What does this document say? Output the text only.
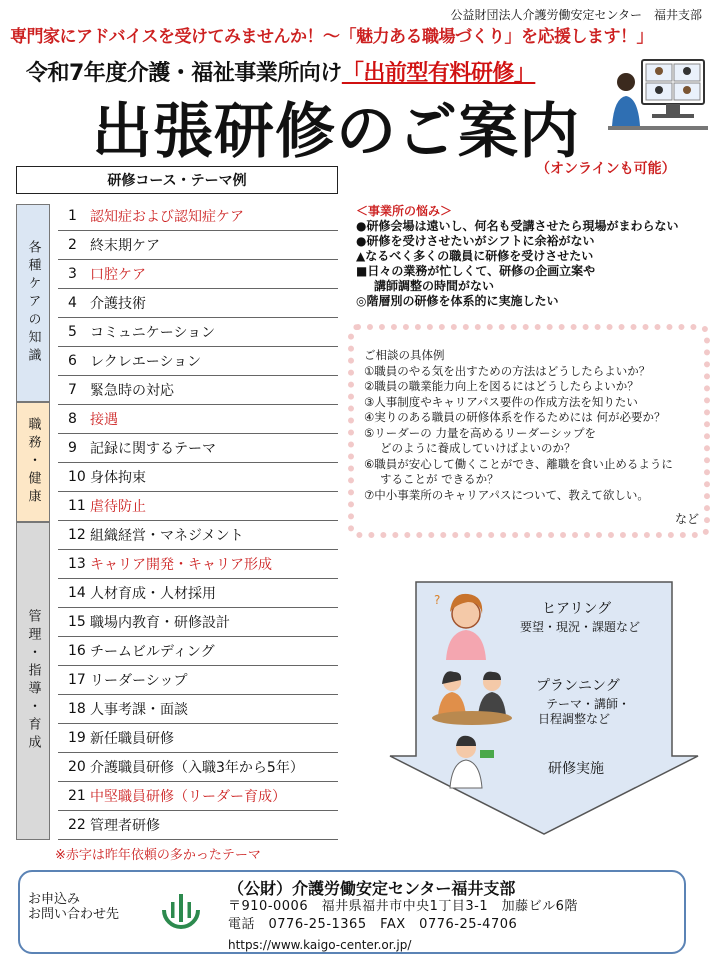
公益財団法人介護労働安定センター　福井支部
専門家にアドバイスを受けてみませんか！～「魅力ある職場づくり」を応援します！」
令和7年度介護・福祉事業所向け「出前型有料研修」
出張研修のご案内
（オンラインも可能）
研修コース・テーマ例
各種ケアの知識
職務・健康
管理・指導・育成
1 認知症および認知症ケア
2 終末期ケア
3 口腔ケア
4 介護技術
5 コミュニケーション
6 レクレエーション
7 緊急時の対応
8 接遇
9 記録に関するテーマ
10 身体拘束
11 虐待防止
12 組織経営・マネジメント
13 キャリア開発・キャリア形成
14 人材育成・人材採用
15 職場内教育・研修設計
16 チームビルディング
17 リーダーシップ
18 人事考課・面談
19 新任職員研修
20 介護職員研修（入職3年から5年）
21 中堅職員研修（リーダー育成）
22 管理者研修
※赤字は昨年依頼の多かったテーマ
＜事業所の悩み＞
●研修会場は遠いし、何名も受講させたら現場がまわらない
●研修を受けさせたいがシフトに余裕がない
▲なるべく多くの職員に研修を受けさせたい
■日々の業務が忙しくて、研修の企画立案や
講師調整の時間がない
◎階層別の研修を体系的に実施したい
ご相談の具体例
①職員のやる気を出すための方法はどうしたらよいか？
②職員の職業能力向上を図るにはどうしたらよいか？
③人事制度やキャリアパス要件の作成方法を知りたい
④実りのある職員の研修体系を作るためには 何が必要か？
⑤リーダーの 力量を高めるリーダーシップを
どのように養成していけばよいのか？
⑥職員が安心して働くことができ、離職を食い止めるように
することが できるか？
⑦中小事業所のキャリアパスについて、教えて欲しい。
など
?
ヒアリング
要望・現況・課題など
プランニング
テーマ・講師・
日程調整など
研修実施
お申込み
お問い合わせ先
（公財）介護労働安定センター福井支部
〒910-0006　福井県福井市中央1丁目3-1　加藤ビル6階
電話　0776-25-1365　FAX　0776-25-4706
https://www.kaigo-center.or.jp/
